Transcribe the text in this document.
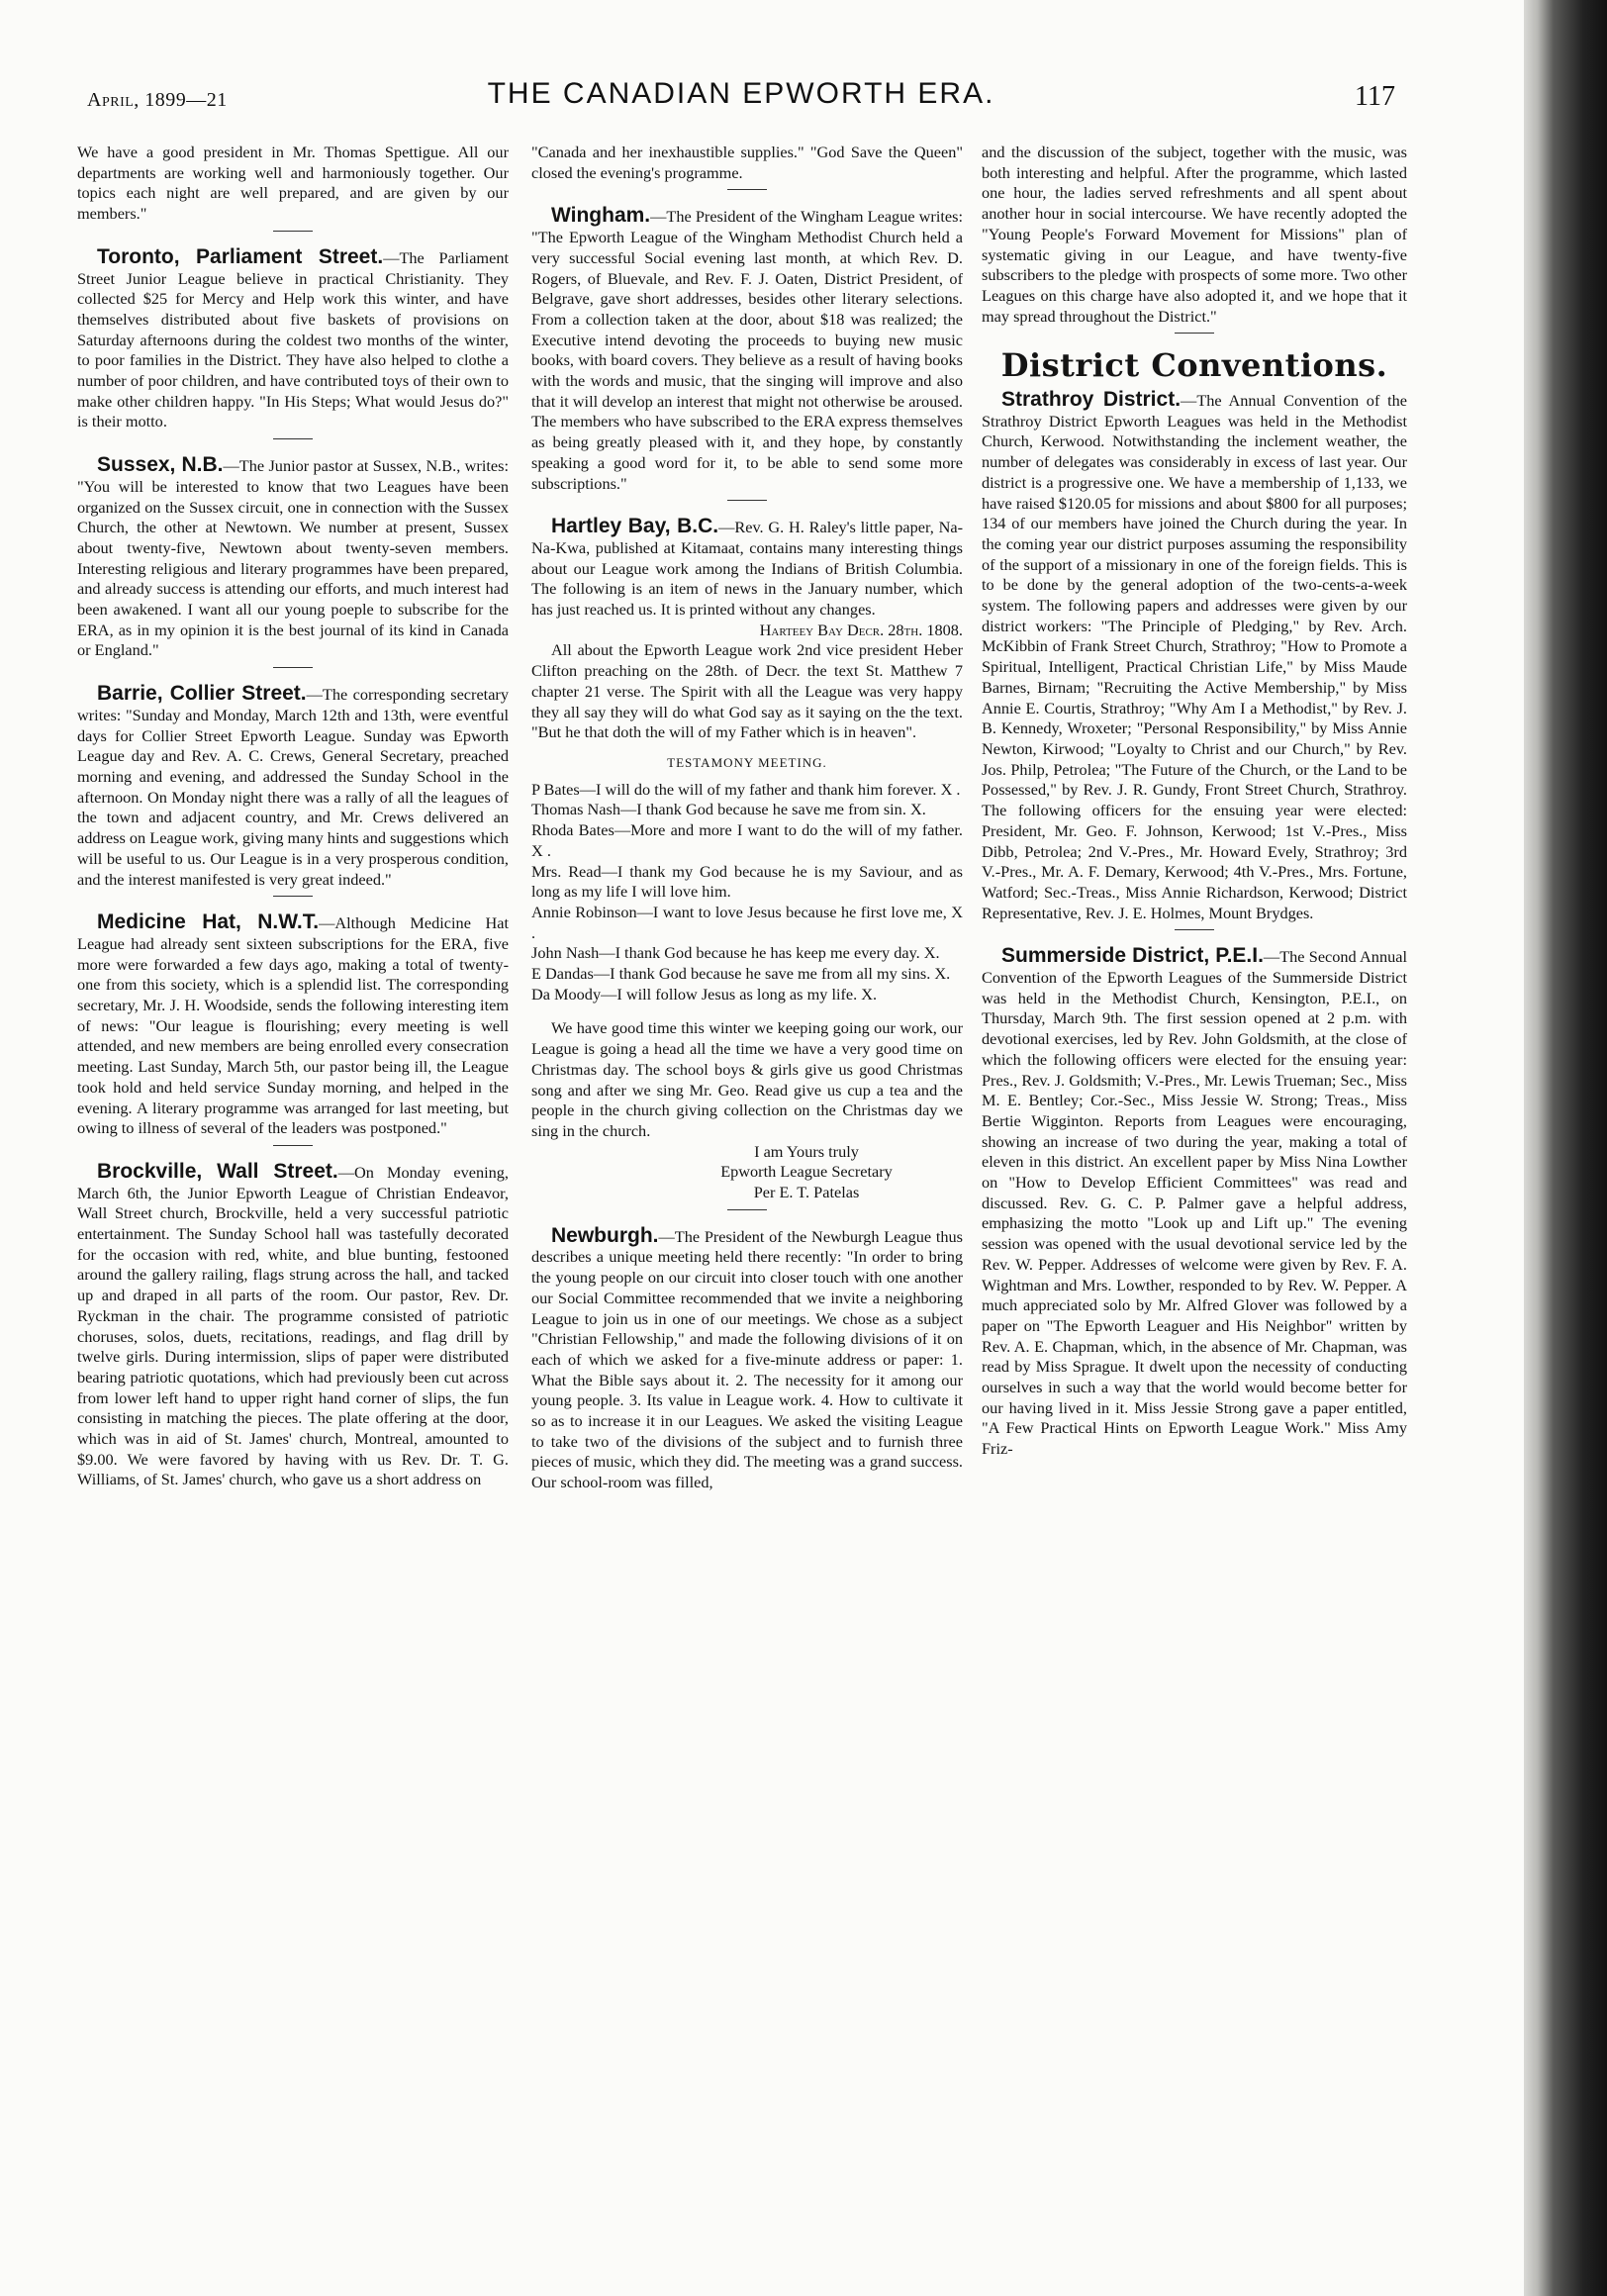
April, 1899—21	THE CANADIAN EPWORTH ERA.	117

We have a good president in Mr. Thomas Spettigue. All our departments are working well and harmoniously together. Our topics each night are well prepared, and are given by our members."

Toronto, Parliament Street.—The Parliament Street Junior League believe in practical Christianity. They collected $25 for Mercy and Help work this winter, and have themselves distributed about five baskets of provisions on Saturday afternoons during the coldest two months of the winter, to poor families in the District. They have also helped to clothe a number of poor children, and have contributed toys of their own to make other children happy. "In His Steps; What would Jesus do?" is their motto.

Sussex, N.B.—The Junior pastor at Sussex, N.B., writes: "You will be interested to know that two Leagues have been organized on the Sussex circuit, one in connection with the Sussex Church, the other at Newtown. We number at present, Sussex about twenty-five, Newtown about twenty-seven members. Interesting religious and literary programmes have been prepared, and already success is attending our efforts, and much interest had been awakened. I want all our young poeple to subscribe for the ERA, as in my opinion it is the best journal of its kind in Canada or England."

Barrie, Collier Street.—The corresponding secretary writes: "Sunday and Monday, March 12th and 13th, were eventful days for Collier Street Epworth League. Sunday was Epworth League day and Rev. A. C. Crews, General Secretary, preached morning and evening, and addressed the Sunday School in the afternoon. On Monday night there was a rally of all the leagues of the town and adjacent country, and Mr. Crews delivered an address on League work, giving many hints and suggestions which will be useful to us. Our League is in a very prosperous condition, and the interest manifested is very great indeed."

Medicine Hat, N.W.T.—Although Medicine Hat League had already sent sixteen subscriptions for the ERA, five more were forwarded a few days ago, making a total of twenty-one from this society, which is a splendid list. The corresponding secretary, Mr. J. H. Woodside, sends the following interesting item of news: "Our league is flourishing; every meeting is well attended, and new members are being enrolled every consecration meeting. Last Sunday, March 5th, our pastor being ill, the League took hold and held service Sunday morning, and helped in the evening. A literary programme was arranged for last meeting, but owing to illness of several of the leaders was postponed."

Brockville, Wall Street.—On Monday evening, March 6th, the Junior Epworth League of Christian Endeavor, Wall Street church, Brockville, held a very successful patriotic entertainment. The Sunday School hall was tastefully decorated for the occasion with red, white, and blue bunting, festooned around the gallery railing, flags strung across the hall, and tacked up and draped in all parts of the room. Our pastor, Rev. Dr. Ryckman in the chair. The programme consisted of patriotic choruses, solos, duets, recitations, readings, and flag drill by twelve girls. During intermission, slips of paper were distributed bearing patriotic quotations, which had previously been cut across from lower left hand to upper right hand corner of slips, the fun consisting in matching the pieces. The plate offering at the door, which was in aid of St. James' church, Montreal, amounted to $9.00. We were favored by having with us Rev. Dr. T. G. Williams, of St. James' church, who gave us a short address on

"Canada and her inexhaustible supplies." "God Save the Queen" closed the evening's programme.

Wingham.—The President of the Wingham League writes: "The Epworth League of the Wingham Methodist Church held a very successful Social evening last month, at which Rev. D. Rogers, of Bluevale, and Rev. F. J. Oaten, District President, of Belgrave, gave short addresses, besides other literary selections. From a collection taken at the door, about $18 was realized; the Executive intend devoting the proceeds to buying new music books, with board covers. They believe as a result of having books with the words and music, that the singing will improve and also that it will develop an interest that might not otherwise be aroused. The members who have subscribed to the ERA express themselves as being greatly pleased with it, and they hope, by constantly speaking a good word for it, to be able to send some more subscriptions."

Hartley Bay, B.C.—Rev. G. H. Raley's little paper, Na-Na-Kwa, published at Kitamaat, contains many interesting things about our League work among the Indians of British Columbia. The following is an item of news in the January number, which has just reached us. It is printed without any changes.

Harteey Bay Decr. 28th. 1808.

All about the Epworth League work 2nd vice president Heber Clifton preaching on the 28th. of Decr. the text St. Matthew 7 chapter 21 verse. The Spirit with all the League was very happy they all say they will do what God say as it saying on the the text. "But he that doth the will of my Father which is in heaven".

TESTAMONY MEETING.

P Bates—I will do the will of my father and thank him forever. X .

Thomas Nash—I thank God because he save me from sin. X.

Rhoda Bates—More and more I want to do the will of my father. X .

Mrs. Read—I thank my God because he is my Saviour, and as long as my life I will love him.

Annie Robinson—I want to love Jesus because he first love me, X .

John Nash—I thank God because he has keep me every day. X.

E Dandas—I thank God because he save me from all my sins. X.

Da Moody—I will follow Jesus as long as my life. X.

We have good time this winter we keeping going our work, our League is going a head all the time we have a very good time on Christmas day. The school boys & girls give us good Christmas song and after we sing Mr. Geo. Read give us cup a tea and the people in the church giving collection on the Christmas day we sing in the church.

I am Yours truly

Epworth League Secretary

Per E. T. Patelas

Newburgh.—The President of the Newburgh League thus describes a unique meeting held there recently: "In order to bring the young people on our circuit into closer touch with one another our Social Committee recommended that we invite a neighboring League to join us in one of our meetings. We chose as a subject "Christian Fellowship," and made the following divisions of it on each of which we asked for a five-minute address or paper: 1. What the Bible says about it. 2. The necessity for it among our young people. 3. Its value in League work. 4. How to cultivate it so as to increase it in our Leagues. We asked the visiting League to take two of the divisions of the subject and to furnish three pieces of music, which they did. The meeting was a grand success. Our school-room was filled,

and the discussion of the subject, together with the music, was both interesting and helpful. After the programme, which lasted one hour, the ladies served refreshments and all spent about another hour in social intercourse. We have recently adopted the "Young People's Forward Movement for Missions" plan of systematic giving in our League, and have twenty-five subscribers to the pledge with prospects of some more. Two other Leagues on this charge have also adopted it, and we hope that it may spread throughout the District."

District Conventions.

Strathroy District.—The Annual Convention of the Strathroy District Epworth Leagues was held in the Methodist Church, Kerwood. Notwithstanding the inclement weather, the number of delegates was considerably in excess of last year. Our district is a progressive one. We have a membership of 1,133, we have raised $120.05 for missions and about $800 for all purposes; 134 of our members have joined the Church during the year. In the coming year our district purposes assuming the responsibility of the support of a missionary in one of the foreign fields. This is to be done by the general adoption of the two-cents-a-week system. The following papers and addresses were given by our district workers: "The Principle of Pledging," by Rev. Arch. McKibbin of Frank Street Church, Strathroy; "How to Promote a Spiritual, Intelligent, Practical Christian Life," by Miss Maude Barnes, Birnam; "Recruiting the Active Membership," by Miss Annie E. Courtis, Strathroy; "Why Am I a Methodist," by Rev. J. B. Kennedy, Wroxeter; "Personal Responsibility," by Miss Annie Newton, Kirwood; "Loyalty to Christ and our Church," by Rev. Jos. Philp, Petrolea; "The Future of the Church, or the Land to be Possessed," by Rev. J. R. Gundy, Front Street Church, Strathroy. The following officers for the ensuing year were elected: President, Mr. Geo. F. Johnson, Kerwood; 1st V.-Pres., Miss Dibb, Petrolea; 2nd V.-Pres., Mr. Howard Evely, Strathroy; 3rd V.-Pres., Mr. A. F. Demary, Kerwood; 4th V.-Pres., Mrs. Fortune, Watford; Sec.-Treas., Miss Annie Richardson, Kerwood; District Representative, Rev. J. E. Holmes, Mount Brydges.

Summerside District, P.E.I.—The Second Annual Convention of the Epworth Leagues of the Summerside District was held in the Methodist Church, Kensington, P.E.I., on Thursday, March 9th. The first session opened at 2 p.m. with devotional exercises, led by Rev. John Goldsmith, at the close of which the following officers were elected for the ensuing year: Pres., Rev. J. Goldsmith; V.-Pres., Mr. Lewis Trueman; Sec., Miss M. E. Bentley; Cor.-Sec., Miss Jessie W. Strong; Treas., Miss Bertie Wigginton. Reports from Leagues were encouraging, showing an increase of two during the year, making a total of eleven in this district. An excellent paper by Miss Nina Lowther on "How to Develop Efficient Committees" was read and discussed. Rev. G. C. P. Palmer gave a helpful address, emphasizing the motto "Look up and Lift up." The evening session was opened with the usual devotional service led by the Rev. W. Pepper. Addresses of welcome were given by Rev. F. A. Wightman and Mrs. Lowther, responded to by Rev. W. Pepper. A much appreciated solo by Mr. Alfred Glover was followed by a paper on "The Epworth Leaguer and His Neighbor" written by Rev. A. E. Chapman, which, in the absence of Mr. Chapman, was read by Miss Sprague. It dwelt upon the necessity of conducting ourselves in such a way that the world would become better for our having lived in it. Miss Jessie Strong gave a paper entitled, "A Few Practical Hints on Epworth League Work." Miss Amy Friz-
